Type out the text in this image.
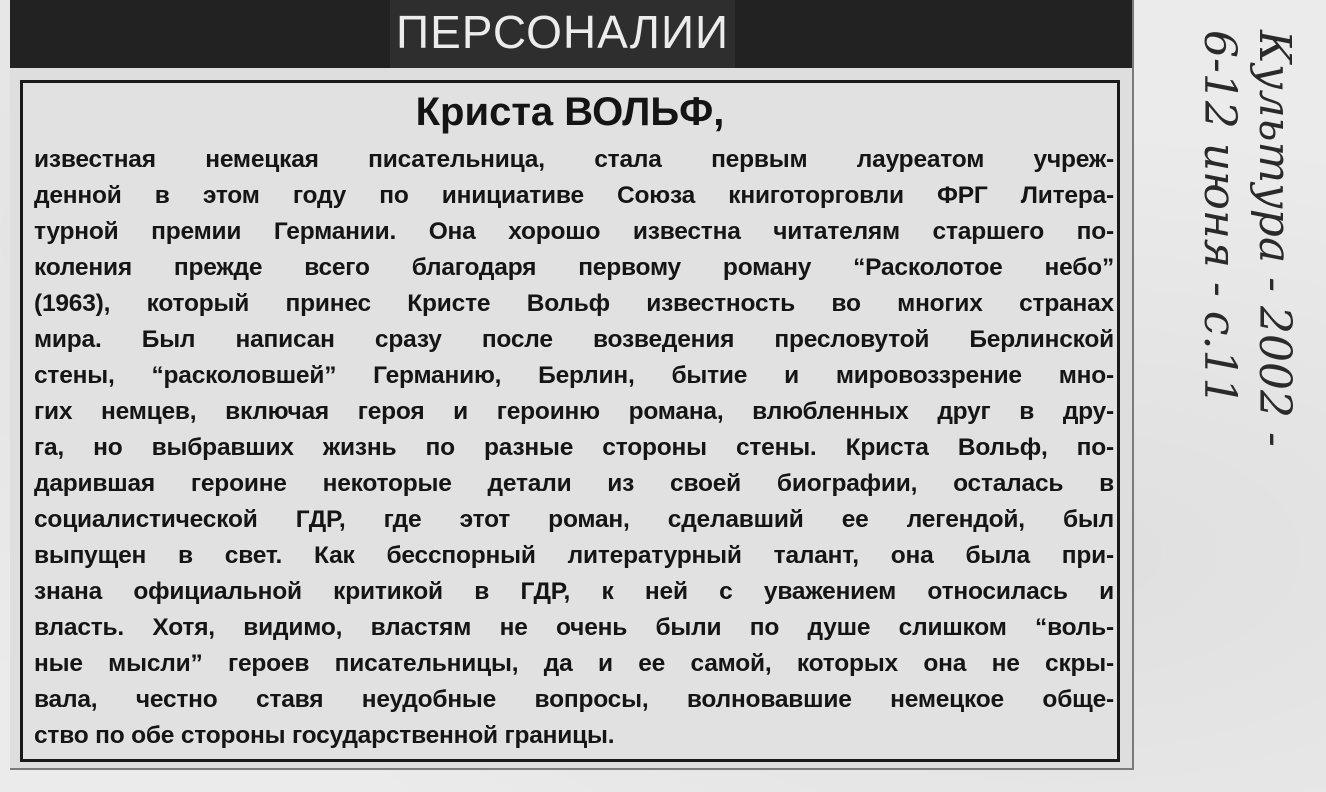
ПЕРСОНАЛИИ
Криста ВОЛЬФ,
известная немецкая писательница, стала первым лауреатом учреж-
денной в этом году по инициативе Союза книготорговли ФРГ Литера-
турной премии Германии. Она хорошо известна читателям старшего по-
коления прежде всего благодаря первому роману “Расколотое небо”
(1963), который принес Кристе Вольф известность во многих странах
мира. Был написан сразу после возведения пресловутой Берлинской
стены, “расколовшей” Германию, Берлин, бытие и мировоззрение мно-
гих немцев, включая героя и героиню романа, влюбленных друг в дру-
га, но выбравших жизнь по разные стороны стены. Криста Вольф, по-
дарившая героине некоторые детали из своей биографии, осталась в
социалистической ГДР, где этот роман, сделавший ее легендой, был
выпущен в свет. Как бесспорный литературный талант, она была при-
знана официальной критикой в ГДР, к ней с уважением относилась и
власть. Хотя, видимо, властям не очень были по душе слишком “воль-
ные мысли” героев писательницы, да и ее самой, которых она не скры-
вала, честно ставя неудобные вопросы, волновавшие немецкое обще-
ство по обе стороны государственной границы.
Культура - 2002 -
6-12 июня - с.11
